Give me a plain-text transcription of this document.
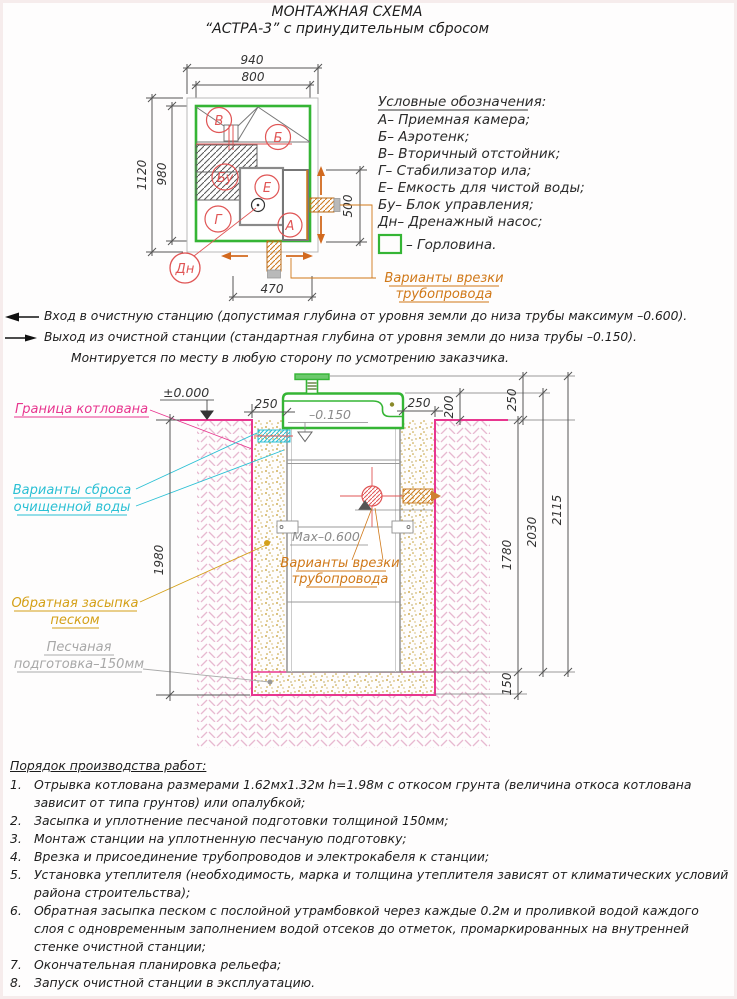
МОНТАЖНАЯ СХЕМА
“АСТРА-3” с принудительным сбросом
940
800
1120 980
500
470
В
Б
Бу
Е
Г	А
Дн
Условные обозначения:
А– Приемная камера;
Б– Аэротенк;
В– Вторичный отстойник;
Г– Стабилизатор ила;
Е– Емкость для чистой воды;
Бу– Блок управления;
Дн– Дренажный насос;
– Горловина.
Варианты врезки
трубопровода
Вход в очистную станцию (допустимая глубина от уровня земли до низа трубы максимум –0.600).
Выход из очистной станции (стандартная глубина от уровня земли до низа трубы –0.150).
Монтируется по месту в любую сторону по усмотрению заказчика.
±0.000
–0.150
Max–0.600
Варианты врезки
трубопровода
Граница котлована
Варианты сброса
очищенной воды
Обратная засыпка
песком
Песчаная
подготовка–150мм
1980
250	250 200	250
1780
150
2030
2115
Порядок производства работ:
1. Отрывка котлована размерами 1.62мх1.32м h=1.98м с откосом грунта (величина откоса котлована зависит от типа грунтов) или опалубкой;
2. Засыпка и уплотнение песчаной подготовки толщиной 150мм;
3. Монтаж станции на уплотненную песчаную подготовку;
4. Врезка и присоединение трубопроводов и электрокабеля к станции;
5. Установка утеплителя (необходимость, марка и толщина утеплителя зависят от климатических условий района строительства);
6. Обратная засыпка песком с послойной утрамбовкой через каждые 0.2м и проливкой водой каждого слоя с одновременным заполнением водой отсеков до отметок, промаркированных на внутренней стенке очистной станции;
7. Окончательная планировка рельефа;
8. Запуск очистной станции в эксплуатацию.
